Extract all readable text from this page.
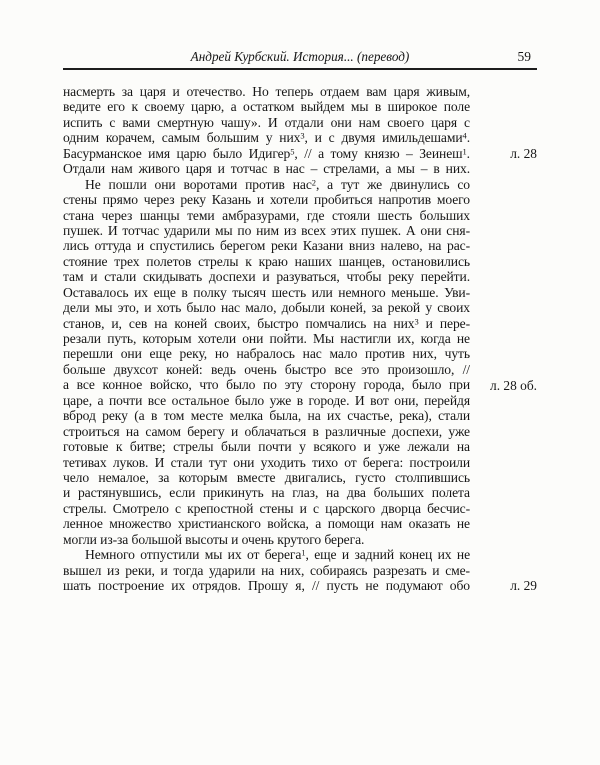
Андрей Курбский. История... (перевод)	59
насмерть за царя и отечество. Но теперь отдаем вам царя живым,
ведите его к своему царю, а остатком выйдем мы в широкое поле
испить с вами смертную чашу». И отдали они нам своего царя с
одним корачем, самым большим у них$^3$, и с двумя имильдешами$^4$.
Басурманское имя царю было Идигер$^5$, // а тому князю – Зеинеш$^1$.
Отдали нам живого царя и тотчас в нас – стрелами, а мы – в них.
Не пошли они воротами против нас$^2$, а тут же двинулись со
стены прямо через реку Казань и хотели пробиться напротив моего
стана через шанцы теми амбразурами, где стояли шесть больших
пушек. И тотчас ударили мы по ним из всех этих пушек. А они сня-
лись оттуда и спустились берегом реки Казани вниз налево, на рас-
стояние трех полетов стрелы к краю наших шанцев, остановились
там и стали скидывать доспехи и разуваться, чтобы реку перейти.
Оставалось их еще в полку тысяч шесть или немного меньше. Уви-
дели мы это, и хоть было нас мало, добыли коней, за рекой у своих
станов, и, сев на коней своих, быстро помчались на них$^3$ и пере-
резали путь, которым хотели они пойти. Мы настигли их, когда не
перешли они еще реку, но набралось нас мало против них, чуть
больше двухсот коней: ведь очень быстро все это произошло, //
а все конное войско, что было по эту сторону города, было при
царе, а почти все остальное было уже в городе. И вот они, перейдя
вброд реку (а в том месте мелка была, на их счастье, река), стали
строиться на самом берегу и облачаться в различные доспехи, уже
готовые к битве; стрелы были почти у всякого и уже лежали на
тетивах луков. И стали тут они уходить тихо от берега: построили
чело немалое, за которым вместе двигались, густо столпившись
и растянувшись, если прикинуть на глаз, на два больших полета
стрелы. Смотрело с крепостной стены и с царского дворца бесчис-
ленное множество христианского войска, а помощи нам оказать не
могли из-за большой высоты и очень крутого берега.
Немного отпустили мы их от берега$^1$, еще и задний конец их не
вышел из реки, и тогда ударили на них, собираясь разрезать и сме-
шать построение их отрядов. Прошу я, // пусть не подумают обо
л. 28
л. 28 об.
л. 29
